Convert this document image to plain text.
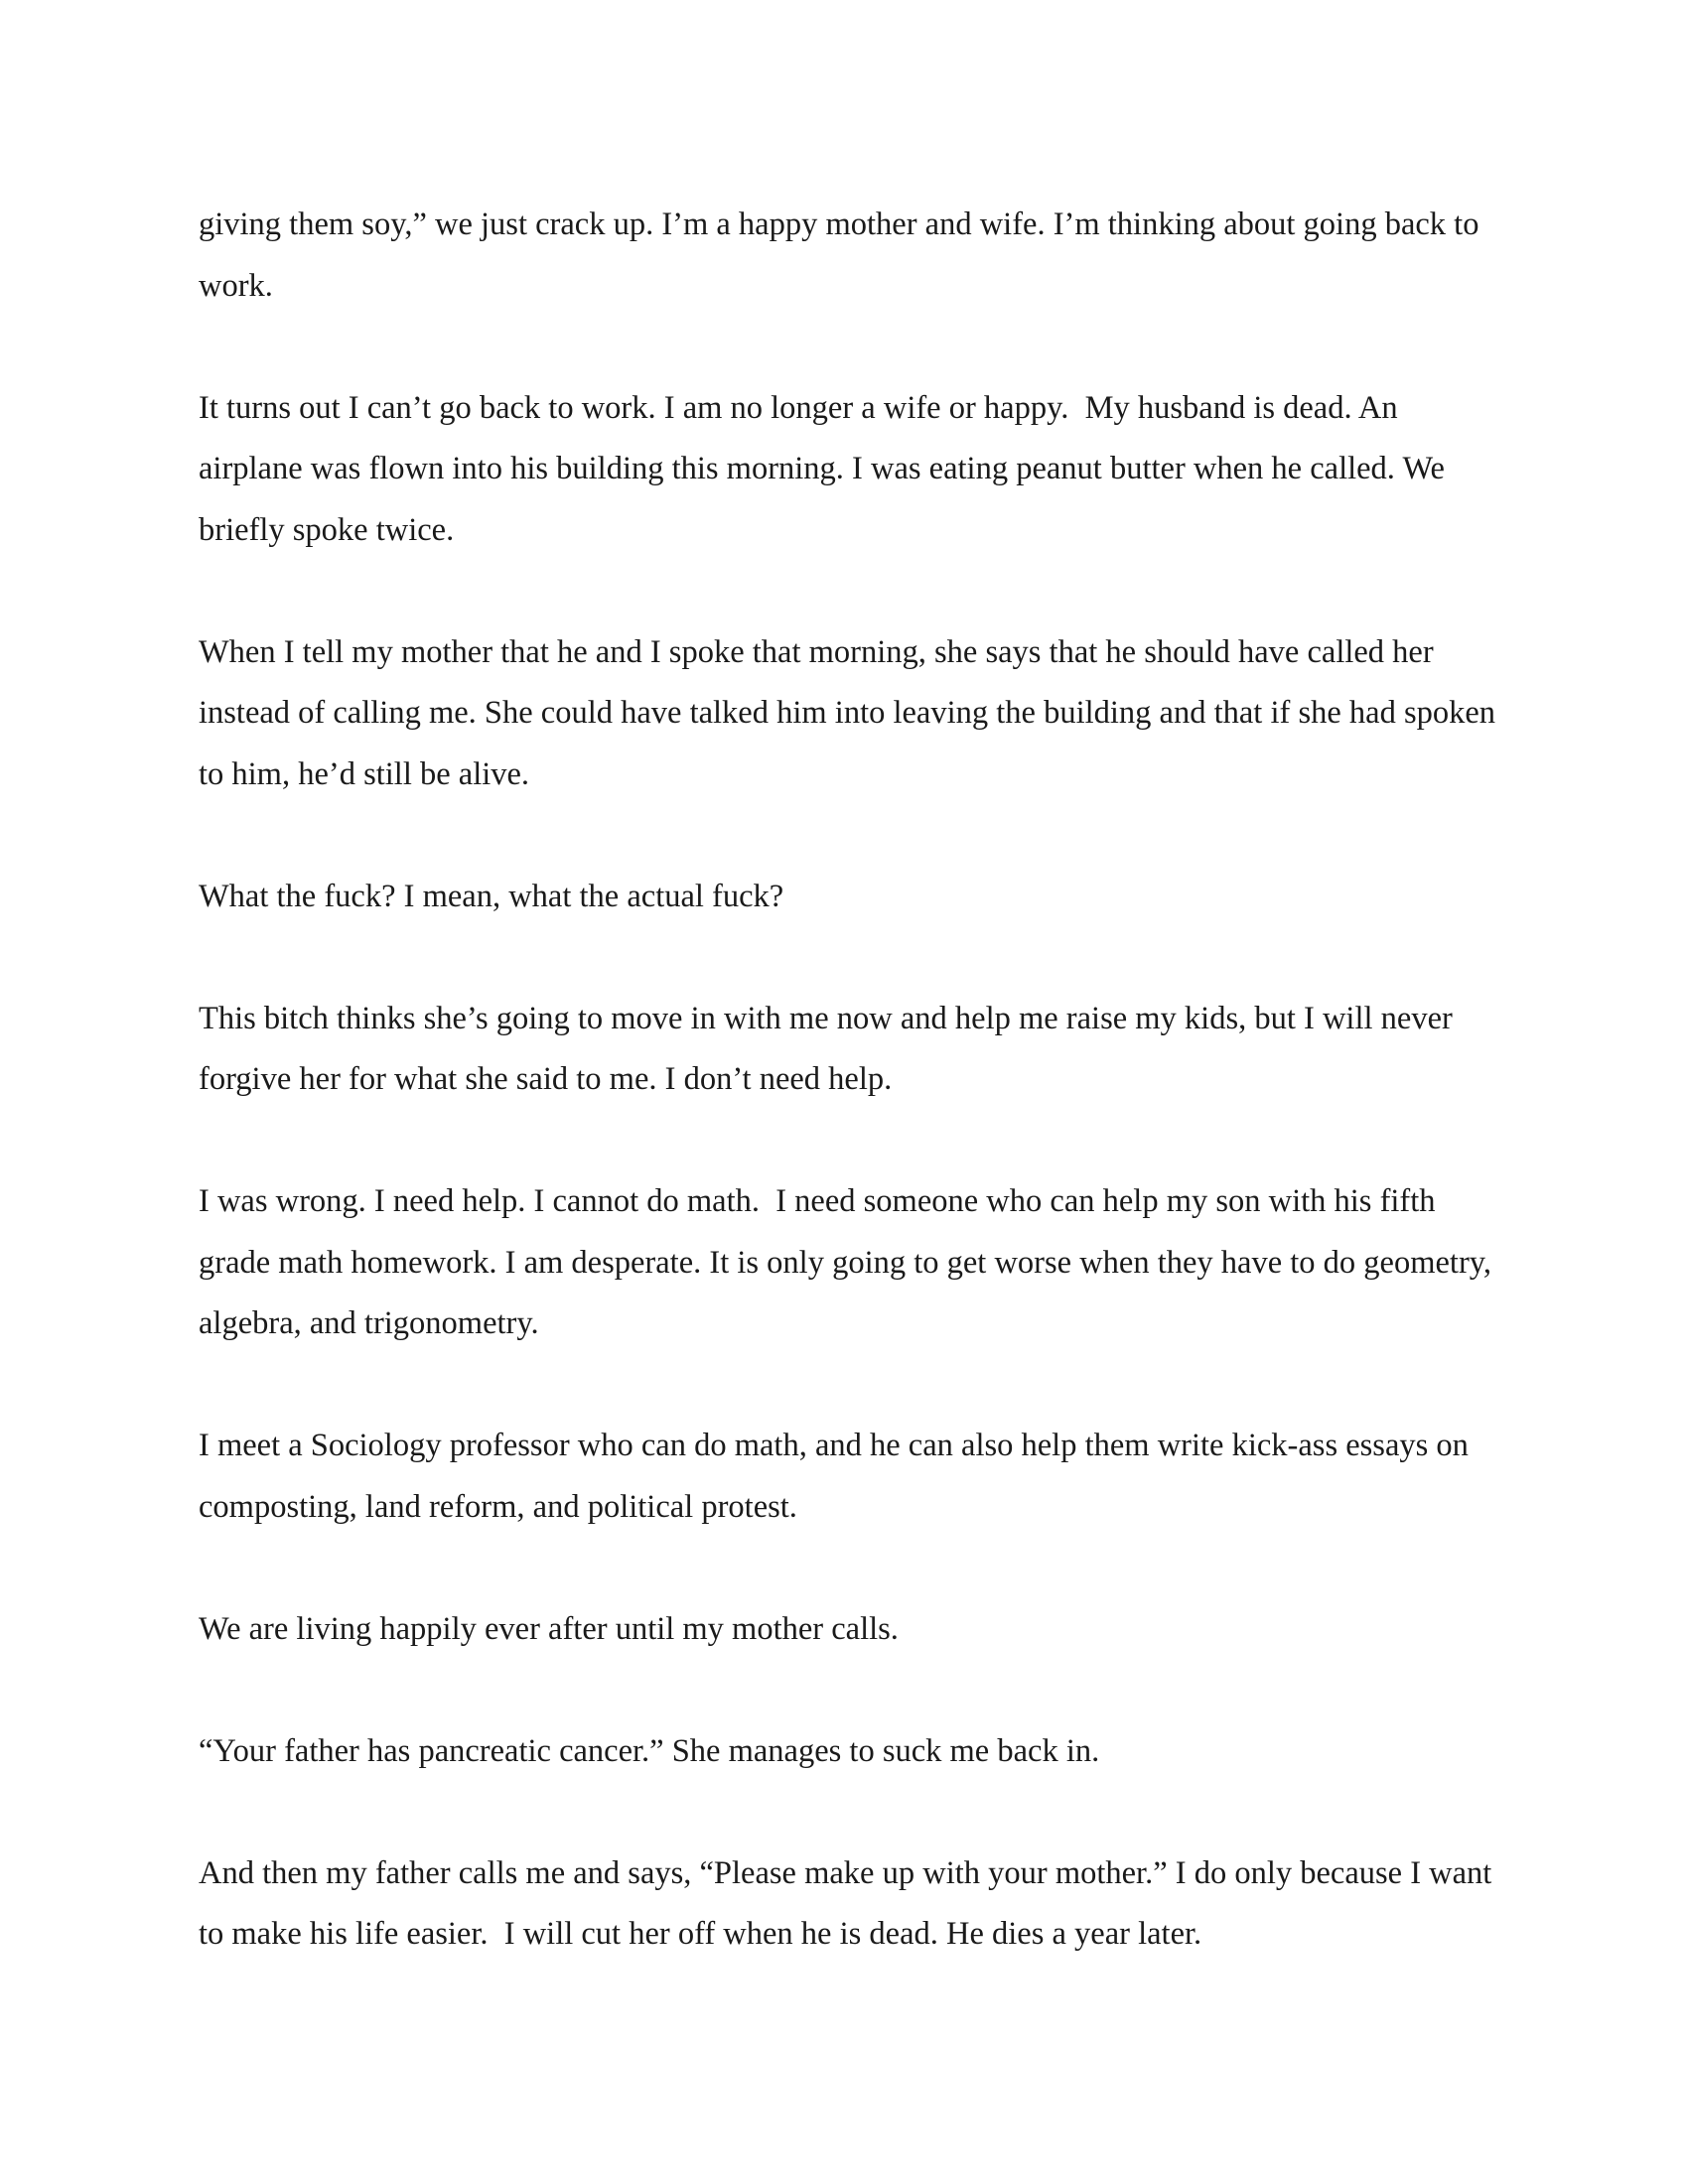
giving them soy,” we just crack up. I’m a happy mother and wife. I’m thinking about going back to work.

It turns out I can’t go back to work. I am no longer a wife or happy.  My husband is dead. An airplane was flown into his building this morning. I was eating peanut butter when he called. We briefly spoke twice.

When I tell my mother that he and I spoke that morning, she says that he should have called her instead of calling me. She could have talked him into leaving the building and that if she had spoken to him, he’d still be alive.

What the fuck? I mean, what the actual fuck?

This bitch thinks she’s going to move in with me now and help me raise my kids, but I will never forgive her for what she said to me. I don’t need help.

I was wrong. I need help. I cannot do math.  I need someone who can help my son with his fifth grade math homework. I am desperate. It is only going to get worse when they have to do geometry, algebra, and trigonometry.

I meet a Sociology professor who can do math, and he can also help them write kick-ass essays on composting, land reform, and political protest.

We are living happily ever after until my mother calls.

“Your father has pancreatic cancer.” She manages to suck me back in.

And then my father calls me and says, “Please make up with your mother.” I do only because I want to make his life easier.  I will cut her off when he is dead. He dies a year later.
